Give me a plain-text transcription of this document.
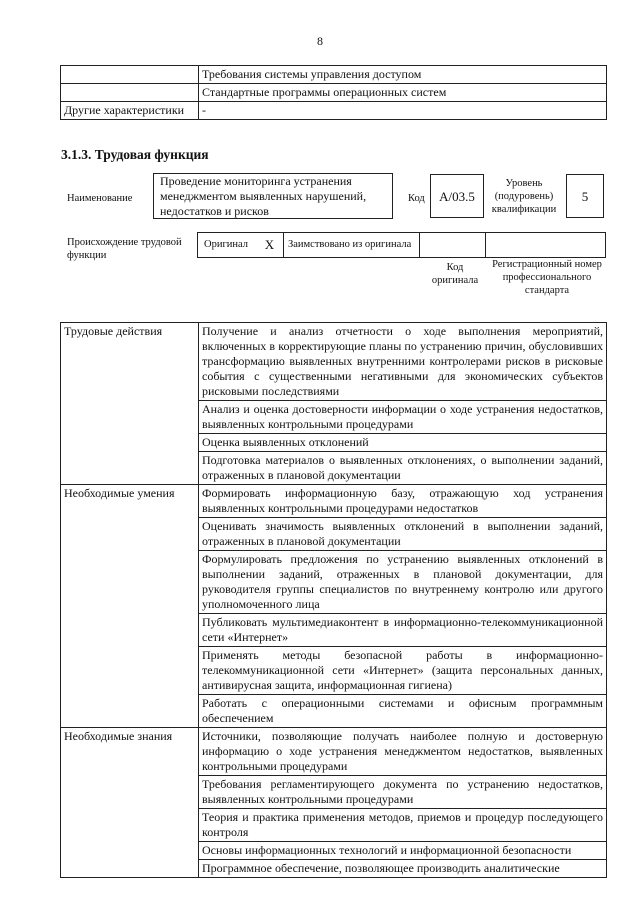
8
	Требования системы управления доступом
	Стандартные программы операционных систем
Другие характеристики	-
3.1.3. Трудовая функция
Наименование
Проведение мониторинга устранения менеджментом выявленных нарушений, недостатков и рисков
Код	А/03.5
Уровень (подуровень) квалификации
5
Происхождение трудовой функции
Оригинал	X	Заимствовано из оригинала
Код оригинала
Регистрационный номер профессионального стандарта
Трудовые действия	Получение и анализ отчетности о ходе выполнения мероприятий, включенных в корректирующие планы по устранению причин, обусловивших трансформацию выявленных внутренними контролерами рисков в рисковые события с существенными негативными для экономических субъектов рисковыми последствиями
	Анализ и оценка достоверности информации о ходе устранения недостатков, выявленных контрольными процедурами
	Оценка выявленных отклонений
	Подготовка материалов о выявленных отклонениях, о выполнении заданий, отраженных в плановой документации
Необходимые умения	Формировать информационную базу, отражающую ход устранения выявленных контрольными процедурами недостатков
	Оценивать значимость выявленных отклонений в выполнении заданий, отраженных в плановой документации
	Формулировать предложения по устранению выявленных отклонений в выполнении заданий, отраженных в плановой документации, для руководителя группы специалистов по внутреннему контролю или другого уполномоченного лица
	Публиковать мультимедиаконтент в информационно-телекоммуникационной сети «Интернет»
	Применять методы безопасной работы в информационно-телекоммуникационной сети «Интернет» (защита персональных данных, антивирусная защита, информационная гигиена)
	Работать с операционными системами и офисным программным обеспечением
Необходимые знания	Источники, позволяющие получать наиболее полную и достоверную информацию о ходе устранения менеджментом недостатков, выявленных контрольными процедурами
	Требования регламентирующего документа по устранению недостатков, выявленных контрольными процедурами
	Теория и практика применения методов, приемов и процедур последующего контроля
	Основы информационных технологий и информационной безопасности
	Программное обеспечение, позволяющее производить аналитические
